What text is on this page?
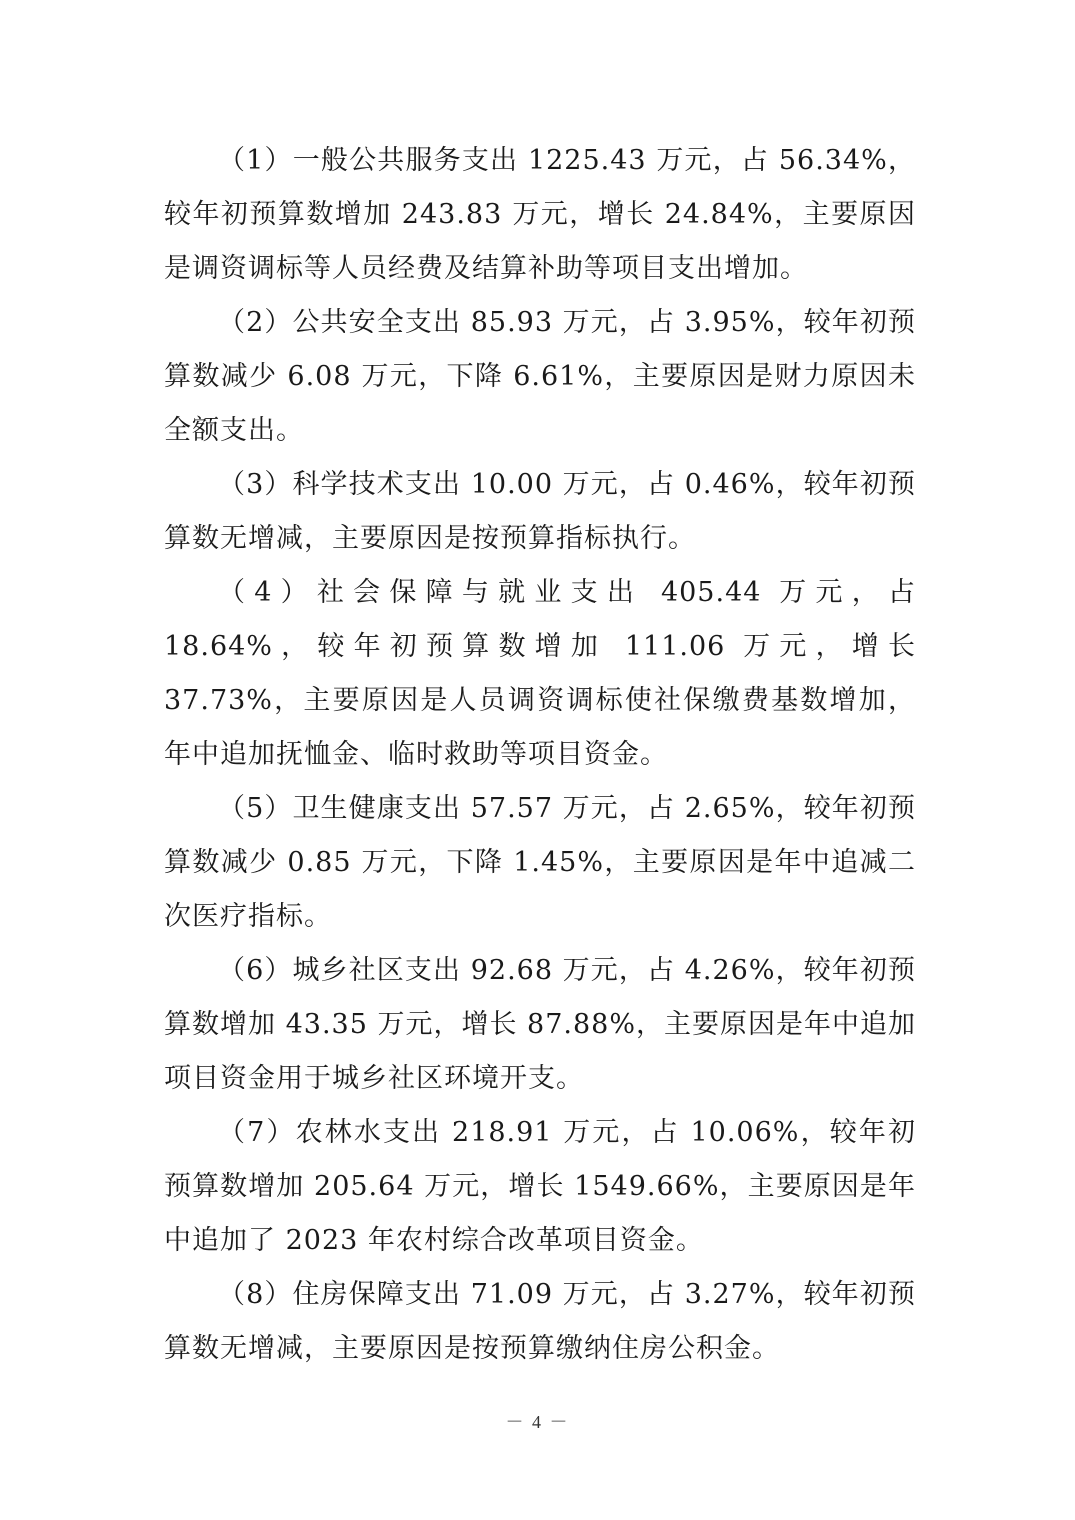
（1）一般公共服务支出 1225.43 万元，占 56.34%，较年初预算数增加 243.83 万元，增长 24.84%，主要原因是调资调标等人员经费及结算补助等项目支出增加。

（2）公共安全支出 85.93 万元，占 3.95%，较年初预算数减少 6.08 万元，下降 6.61%，主要原因是财力原因未全额支出。

（3）科学技术支出 10.00 万元，占 0.46%，较年初预算数无增减，主要原因是按预算指标执行。

（4）社会保障与就业支出 405.44 万元，占 18.64%，较年初预算数增加 111.06 万元，增长 37.73%，主要原因是人员调资调标使社保缴费基数增加，年中追加抚恤金、临时救助等项目资金。

（5）卫生健康支出 57.57 万元，占 2.65%，较年初预算数减少 0.85 万元，下降 1.45%，主要原因是年中追减二次医疗指标。

（6）城乡社区支出 92.68 万元，占 4.26%，较年初预算数增加 43.35 万元，增长 87.88%，主要原因是年中追加项目资金用于城乡社区环境开支。

（7）农林水支出 218.91 万元，占 10.06%，较年初预算数增加 205.64 万元，增长 1549.66%，主要原因是年中追加了 2023 年农村综合改革项目资金。

（8）住房保障支出 71.09 万元，占 3.27%，较年初预算数无增减，主要原因是按预算缴纳住房公积金。

－ 4 －
